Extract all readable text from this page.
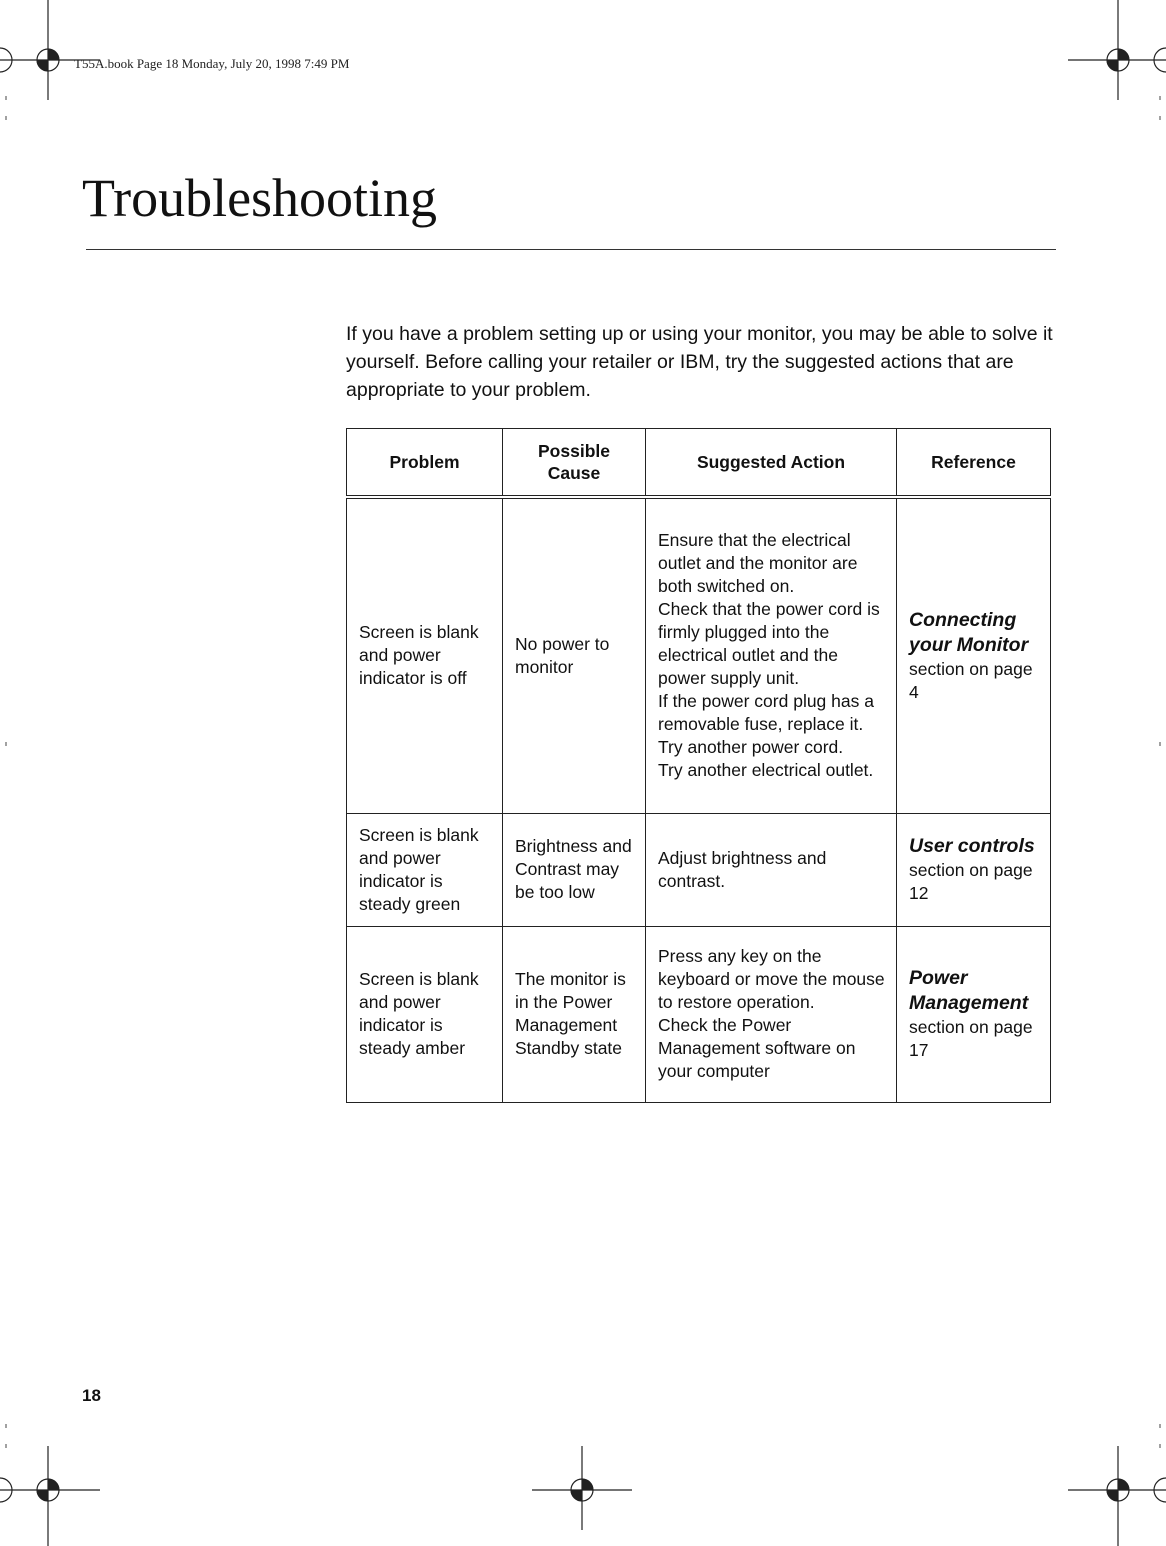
T55A.book Page 18 Monday, July 20, 1998 7:49 PM
Troubleshooting

If you have a problem setting up or using your monitor, you may be able to solve it yourself. Before calling your retailer or IBM, try the suggested actions that are appropriate to your problem.

Problem	Possible Cause	Suggested Action	Reference
Screen is blank and power indicator is off	No power to monitor	Ensure that the electrical outlet and the monitor are both switched on.
Check that the power cord is firmly plugged into the electrical outlet and the power supply unit.
If the power cord plug has a removable fuse, replace it.
Try another power cord.
Try another electrical outlet.	Connecting your Monitor
section on page 4

Screen is blank and power indicator is steady green	Brightness and Contrast may be too low	Adjust brightness and contrast.	User controls
section on page 12

Screen is blank and power indicator is steady amber	The monitor is in the Power Management Standby state	Press any key on the keyboard or move the mouse to restore operation.
Check the Power Management software on your computer	Power Management
section on page 17
18
